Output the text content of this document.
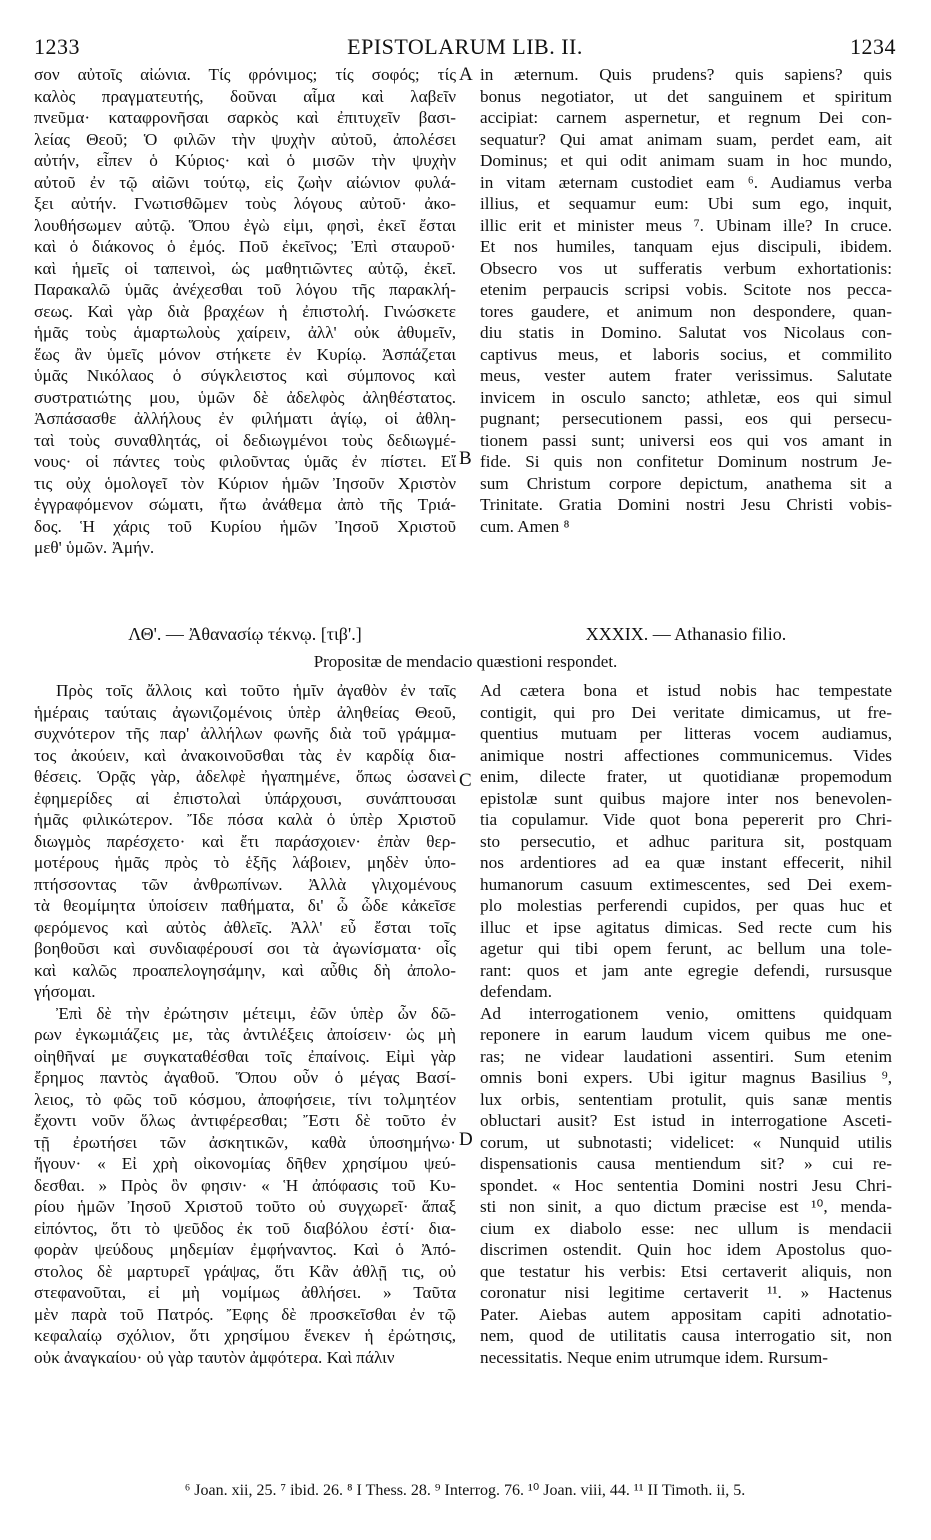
1233	EPISTOLARUM LIB. II.	1234
A
B
C
D
σον αὐτοῖς αἰώνια. Τίς φρόνιμος; τίς σοφός; τίς
καλὸς πραγματευτής, δοῦναι αἷμα καὶ λαβεῖν
πνεῦμα· καταφρονῆσαι σαρκὸς καὶ ἐπιτυχεῖν βασι-
λείας Θεοῦ; Ὁ φιλῶν τὴν ψυχὴν αὐτοῦ, ἀπολέσει
αὐτήν, εἶπεν ὁ Κύριος· καὶ ὁ μισῶν τὴν ψυχὴν
αὐτοῦ ἐν τῷ αἰῶνι τούτῳ, εἰς ζωὴν αἰώνιον φυλά-
ξει αὐτήν. Γνωτισθῶμεν τοὺς λόγους αὐτοῦ· ἀκο-
λουθήσωμεν αὐτῷ. Ὅπου ἐγὼ εἰμι, φησὶ, ἐκεῖ ἔσται
καὶ ὁ διάκονος ὁ ἐμός. Ποῦ ἐκεῖνος; Ἐπὶ σταυροῦ·
καὶ ἡμεῖς οἱ ταπεινοὶ, ὡς μαθητιῶντες αὐτῷ, ἐκεῖ.
Παρακαλῶ ὑμᾶς ἀνέχεσθαι τοῦ λόγου τῆς παρακλή-
σεως. Καὶ γὰρ διὰ βραχέων ἡ ἐπιστολή. Γινώσκετε
ἡμᾶς τοὺς ἁμαρτωλοὺς χαίρειν, ἀλλ' οὐκ ἀθυμεῖν,
ἕως ἂν ὑμεῖς μόνον στήκετε ἐν Κυρίῳ. Ἀσπάζεται
ὑμᾶς Νικόλαος ὁ σύγκλειστος καὶ σύμπονος καὶ
συστρατιώτης μου, ὑμῶν δὲ ἀδελφὸς ἀληθέστατος.
Ἀσπάσασθε ἀλλήλους ἐν φιλήματι ἁγίῳ, οἱ ἀθλη-
ταὶ τοὺς συναθλητάς, οἱ δεδιωγμένοι τοὺς δεδιωγμέ-
νους· οἱ πάντες τοὺς φιλοῦντας ὑμᾶς ἐν πίστει. Εἴ
τις οὐχ ὁμολογεῖ τὸν Κύριον ἡμῶν Ἰησοῦν Χριστὸν
ἐγγραφόμενον σώματι, ἤτω ἀνάθεμα ἀπὸ τῆς Τριά-
δος. Ἡ χάρις τοῦ Κυρίου ἡμῶν Ἰησοῦ Χριστοῦ
μεθ' ὑμῶν. Ἀμήν.
in æternum. Quis prudens? quis sapiens? quis
bonus negotiator, ut det sanguinem et spiritum
accipiat: carnem aspernetur, et regnum Dei con-
sequatur? Qui amat animam suam, perdet eam, ait
Dominus; et qui odit animam suam in hoc mundo,
in vitam æternam custodiet eam ⁶. Audiamus verba
illius, et sequamur eum: Ubi sum ego, inquit,
illic erit et minister meus ⁷. Ubinam ille? In cruce.
Et nos humiles, tanquam ejus discipuli, ibidem.
Obsecro vos ut sufferatis verbum exhortationis:
etenim perpaucis scripsi vobis. Scitote nos pecca-
tores gaudere, et animum non despondere, quan-
diu statis in Domino. Salutat vos Nicolaus con-
captivus meus, et laboris socius, et commilito
meus, vester autem frater verissimus. Salutate
invicem in osculo sancto; athletæ, eos qui simul
pugnant; persecutionem passi, eos qui persecu-
tionem passi sunt; universi eos qui vos amant in
fide. Si quis non confitetur Dominum nostrum Je-
sum Christum corpore depictum, anathema sit a
Trinitate. Gratia Domini nostri Jesu Christi vobis-
cum. Amen ⁸
ΛΘ'. — Ἀθανασίῳ τέκνῳ. [τιβ'.]	XXXIX. — Athanasio filio.
Propositæ de mendacio quæstioni respondet.
Πρὸς τοῖς ἄλλοις καὶ τοῦτο ἡμῖν ἀγαθὸν ἐν ταῖς
ἡμέραις ταύταις ἀγωνιζομένοις ὑπὲρ ἀληθείας Θεοῦ,
συχνότερον τῆς παρ' ἀλλήλων φωνῆς διὰ τοῦ γράμμα-
τος ἀκούειν, καὶ ἀνακοινοῦσθαι τὰς ἐν καρδίᾳ δια-
θέσεις. Ὁρᾷς γὰρ, ἀδελφὲ ἠγαπημένε, ὅπως ὡσανεὶ
ἐφημερίδες αἱ ἐπιστολαὶ ὑπάρχουσι, συνάπτουσαι
ἡμᾶς φιλικώτερον. Ἴδε πόσα καλὰ ὁ ὑπὲρ Χριστοῦ
διωγμὸς παρέσχετο· καὶ ἔτι παράσχοιεν· ἐπὰν θερ-
μοτέρους ἡμᾶς πρὸς τὸ ἑξῆς λάβοιεν, μηδὲν ὑπο-
πτήσσοντας τῶν ἀνθρωπίνων. Ἀλλὰ γλιχομένους
τὰ θεομίμητα ὑποίσειν παθήματα, δι' ὧ ὧδε κἀκεῖσε
φερόμενος καὶ αὐτὸς ἀθλεῖς. Ἀλλ' εὖ ἔσται τοῖς
βοηθοῦσι καὶ συνδιαφέρουσί σοι τὰ ἀγωνίσματα· οἷς
καὶ καλῶς προαπελογησάμην, καὶ αὖθις δὴ ἀπολο-
γήσομαι.
Ἐπὶ δὲ τὴν ἐρώτησιν μέτειμι, ἐῶν ὑπὲρ ὧν δῶ-
ρων ἐγκωμιάζεις με, τὰς ἀντιλέξεις ἀποίσειν· ὡς μὴ
οἰηθῆναί με συγκαταθέσθαι τοῖς ἐπαίνοις. Εἰμὶ γὰρ
ἔρημος παντὸς ἀγαθοῦ. Ὅπου οὖν ὁ μέγας Βασί-
λειος, τὸ φῶς τοῦ κόσμου, ἀποφήσειε, τίνι τολμητέον
ἔχοντι νοῦν ὅλως ἀντιφέρεσθαι; Ἔστι δὲ τοῦτο ἐν
τῇ ἐρωτήσει τῶν ἀσκητικῶν, καθὰ ὑποσημήνω·
ἤγουν· « Εἰ χρὴ οἰκονομίας δῆθεν χρησίμου ψεύ-
δεσθαι. » Πρὸς ὃν φησιν· « Ἡ ἀπόφασις τοῦ Κυ-
ρίου ἡμῶν Ἰησοῦ Χριστοῦ τοῦτο οὐ συγχωρεῖ· ἅπαξ
εἰπόντος, ὅτι τὸ ψεῦδος ἐκ τοῦ διαβόλου ἐστί· δια-
φορὰν ψεύδους μηδεμίαν ἐμφήναντος. Καὶ ὁ Ἀπό-
στολος δὲ μαρτυρεῖ γράψας, ὅτι Κἂν ἀθλῇ τις, οὐ
στεφανοῦται, εἰ μὴ νομίμως ἀθλήσει. » Ταῦτα
μὲν παρὰ τοῦ Πατρός. Ἔφης δὲ προσκεῖσθαι ἐν τῷ
κεφαλαίῳ σχόλιον, ὅτι χρησίμου ἕνεκεν ἡ ἐρώτησις,
οὐκ ἀναγκαίου· οὐ γὰρ ταυτὸν ἀμφότερα. Καὶ πάλιν
Ad cætera bona et istud nobis hac tempestate
contigit, qui pro Dei veritate dimicamus, ut fre-
quentius mutuam per litteras vocem audiamus,
animique nostri affectiones communicemus. Vides
enim, dilecte frater, ut quotidianæ propemodum
epistolæ sunt quibus majore inter nos benevolen-
tia copulamur. Vide quot bona pepererit pro Chri-
sto persecutio, et adhuc paritura sit, postquam
nos ardentiores ad ea quæ instant effecerit, nihil
humanorum casuum extimescentes, sed Dei exem-
plo molestias perferendi cupidos, per quas huc et
illuc et ipse agitatus dimicas. Sed recte cum his
agetur qui tibi opem ferunt, ac bellum una tole-
rant: quos et jam ante egregie defendi, rursusque
defendam.
Ad interrogationem venio, omittens quidquam
reponere in earum laudum vicem quibus me one-
ras; ne videar laudationi assentiri. Sum etenim
omnis boni expers. Ubi igitur magnus Basilius ⁹,
lux orbis, sententiam protulit, quis sanæ mentis
obluctari ausit? Est istud in interrogatione Asceti-
corum, ut subnotasti; videlicet: « Nunquid utilis
dispensationis causa mentiendum sit? » cui re-
spondet. « Hoc sententia Domini nostri Jesu Chri-
sti non sinit, a quo dictum præcise est ¹⁰, menda-
cium ex diabolo esse: nec ullum is mendacii
discrimen ostendit. Quin hoc idem Apostolus quo-
que testatur his verbis: Etsi certaverit aliquis, non
coronatur nisi legitime certaverit ¹¹. » Hactenus
Pater. Aiebas autem appositam capiti adnotatio-
nem, quod de utilitatis causa interrogatio sit, non
necessitatis. Neque enim utrumque idem. Rursum-
⁶ Joan. xii, 25. ⁷ ibid. 26. ⁸ I Thess. 28. ⁹ Interrog. 76. ¹⁰ Joan. viii, 44. ¹¹ II Timoth. ii, 5.
